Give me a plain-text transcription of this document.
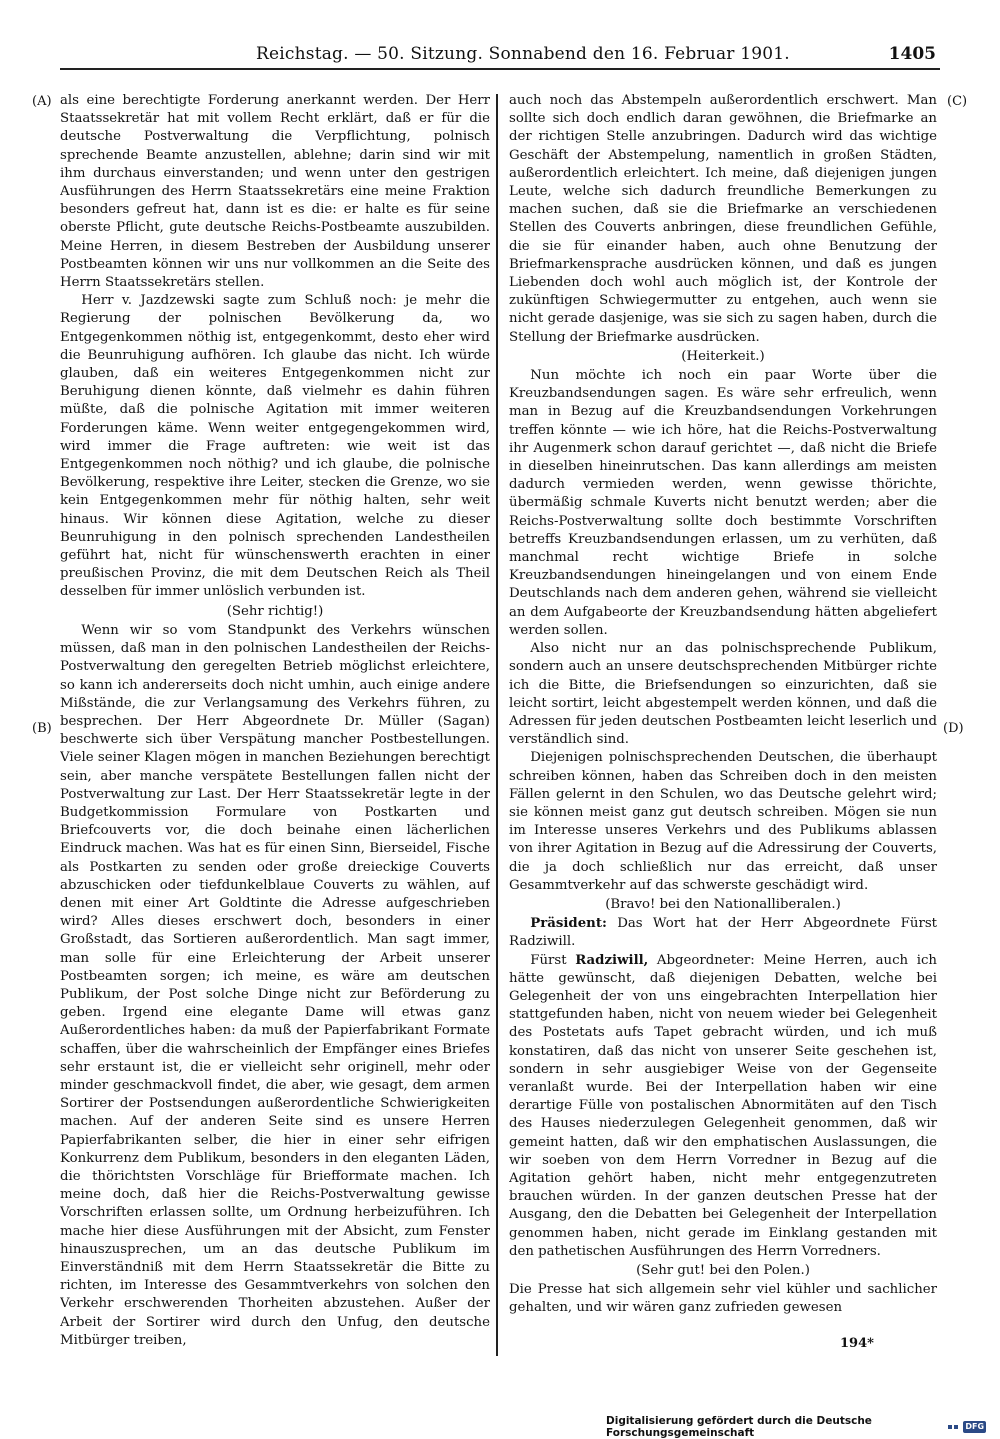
Reichstag. — 50. Sitzung. Sonnabend den 16. Februar 1901.	1405
(A)
(B)
(C)
(D)

als eine berechtigte Forderung anerkannt werden. Der Herr Staatssekretär hat mit vollem Recht erklärt, daß er für die deutsche Postverwaltung die Verpflichtung, polnisch sprechende Beamte anzustellen, ablehne; darin sind wir mit ihm durchaus einverstanden; und wenn unter den gestrigen Ausführungen des Herrn Staatssekretärs eine meine Fraktion besonders gefreut hat, dann ist es die: er halte es für seine oberste Pflicht, gute deutsche Reichs-Postbeamte auszubilden. Meine Herren, in diesem Bestreben der Ausbildung unserer Postbeamten können wir uns nur vollkommen an die Seite des Herrn Staatssekretärs stellen.

Herr v. Jazdzewski sagte zum Schluß noch: je mehr die Regierung der polnischen Bevölkerung da, wo Entgegenkommen nöthig ist, entgegenkommt, desto eher wird die Beunruhigung aufhören. Ich glaube das nicht. Ich würde glauben, daß ein weiteres Entgegenkommen nicht zur Beruhigung dienen könnte, daß vielmehr es dahin führen müßte, daß die polnische Agitation mit immer weiteren Forderungen käme. Wenn weiter entgegengekommen wird, wird immer die Frage auftreten: wie weit ist das Entgegenkommen noch nöthig? und ich glaube, die polnische Bevölkerung, respektive ihre Leiter, stecken die Grenze, wo sie kein Entgegenkommen mehr für nöthig halten, sehr weit hinaus. Wir können diese Agitation, welche zu dieser Beunruhigung in den polnisch sprechenden Landestheilen geführt hat, nicht für wünschenswerth erachten in einer preußischen Provinz, die mit dem Deutschen Reich als Theil desselben für immer unlöslich verbunden ist.

(Sehr richtig!)

Wenn wir so vom Standpunkt des Verkehrs wünschen müssen, daß man in den polnischen Landestheilen der Reichs-Postverwaltung den geregelten Betrieb möglichst erleichtere, so kann ich andererseits doch nicht umhin, auch einige andere Mißstände, die zur Verlangsamung des Verkehrs führen, zu besprechen. Der Herr Abgeordnete Dr. Müller (Sagan) beschwerte sich über Verspätung mancher Postbestellungen. Viele seiner Klagen mögen in manchen Beziehungen berechtigt sein, aber manche verspätete Bestellungen fallen nicht der Postverwaltung zur Last. Der Herr Staatssekretär legte in der Budgetkommission Formulare von Postkarten und Briefcouverts vor, die doch beinahe einen lächerlichen Eindruck machen. Was hat es für einen Sinn, Bierseidel, Fische als Postkarten zu senden oder große dreieckige Couverts abzuschicken oder tiefdunkelblaue Couverts zu wählen, auf denen mit einer Art Goldtinte die Adresse aufgeschrieben wird? Alles dieses erschwert doch, besonders in einer Großstadt, das Sortieren außerordentlich. Man sagt immer, man solle für eine Erleichterung der Arbeit unserer Postbeamten sorgen; ich meine, es wäre am deutschen Publikum, der Post solche Dinge nicht zur Beförderung zu geben. Irgend eine elegante Dame will etwas ganz Außerordentliches haben: da muß der Papierfabrikant Formate schaffen, über die wahrscheinlich der Empfänger eines Briefes sehr erstaunt ist, die er vielleicht sehr originell, mehr oder minder geschmackvoll findet, die aber, wie gesagt, dem armen Sortirer der Postsendungen außerordentliche Schwierigkeiten machen. Auf der anderen Seite sind es unsere Herren Papierfabrikanten selber, die hier in einer sehr eifrigen Konkurrenz dem Publikum, besonders in den eleganten Läden, die thörichtsten Vorschläge für Briefformate machen. Ich meine doch, daß hier die Reichs-Postverwaltung gewisse Vorschriften erlassen sollte, um Ordnung herbeizuführen. Ich mache hier diese Ausführungen mit der Absicht, zum Fenster hinauszusprechen, um an das deutsche Publikum im Einverständniß mit dem Herrn Staatssekretär die Bitte zu richten, im Interesse des Gesammtverkehrs von solchen den Verkehr erschwerenden Thorheiten abzustehen. Außer der Arbeit der Sortirer wird durch den Unfug, den deutsche Mitbürger treiben,

auch noch das Abstempeln außerordentlich erschwert. Man sollte sich doch endlich daran gewöhnen, die Briefmarke an der richtigen Stelle anzubringen. Dadurch wird das wichtige Geschäft der Abstempelung, namentlich in großen Städten, außerordentlich erleichtert. Ich meine, daß diejenigen jungen Leute, welche sich dadurch freundliche Bemerkungen zu machen suchen, daß sie die Briefmarke an verschiedenen Stellen des Couverts anbringen, diese freundlichen Gefühle, die sie für einander haben, auch ohne Benutzung der Briefmarkensprache ausdrücken können, und daß es jungen Liebenden doch wohl auch möglich ist, der Kontrole der zukünftigen Schwiegermutter zu entgehen, auch wenn sie nicht gerade dasjenige, was sie sich zu sagen haben, durch die Stellung der Briefmarke ausdrücken.

(Heiterkeit.)

Nun möchte ich noch ein paar Worte über die Kreuzbandsendungen sagen. Es wäre sehr erfreulich, wenn man in Bezug auf die Kreuzbandsendungen Vorkehrungen treffen könnte — wie ich höre, hat die Reichs-Postverwaltung ihr Augenmerk schon darauf gerichtet —, daß nicht die Briefe in dieselben hineinrutschen. Das kann allerdings am meisten dadurch vermieden werden, wenn gewisse thörichte, übermäßig schmale Kuverts nicht benutzt werden; aber die Reichs-Postverwaltung sollte doch bestimmte Vorschriften betreffs Kreuzbandsendungen erlassen, um zu verhüten, daß manchmal recht wichtige Briefe in solche Kreuzbandsendungen hineingelangen und von einem Ende Deutschlands nach dem anderen gehen, während sie vielleicht an dem Aufgabeorte der Kreuzbandsendung hätten abgeliefert werden sollen.

Also nicht nur an das polnischsprechende Publikum, sondern auch an unsere deutschsprechenden Mitbürger richte ich die Bitte, die Briefsendungen so einzurichten, daß sie leicht sortirt, leicht abgestempelt werden können, und daß die Adressen für jeden deutschen Postbeamten leicht leserlich und verständlich sind.

Diejenigen polnischsprechenden Deutschen, die überhaupt schreiben können, haben das Schreiben doch in den meisten Fällen gelernt in den Schulen, wo das Deutsche gelehrt wird; sie können meist ganz gut deutsch schreiben. Mögen sie nun im Interesse unseres Verkehrs und des Publikums ablassen von ihrer Agitation in Bezug auf die Adressirung der Couverts, die ja doch schließlich nur das erreicht, daß unser Gesammtverkehr auf das schwerste geschädigt wird.

(Bravo! bei den Nationalliberalen.)

Präsident: Das Wort hat der Herr Abgeordnete Fürst Radziwill.

Fürst Radziwill, Abgeordneter: Meine Herren, auch ich hätte gewünscht, daß diejenigen Debatten, welche bei Gelegenheit der von uns eingebrachten Interpellation hier stattgefunden haben, nicht von neuem wieder bei Gelegenheit des Postetats aufs Tapet gebracht würden, und ich muß konstatiren, daß das nicht von unserer Seite geschehen ist, sondern in sehr ausgiebiger Weise von der Gegenseite veranlaßt wurde. Bei der Interpellation haben wir eine derartige Fülle von postalischen Abnormitäten auf den Tisch des Hauses niederzulegen Gelegenheit genommen, daß wir gemeint hatten, daß wir den emphatischen Auslassungen, die wir soeben von dem Herrn Vorredner in Bezug auf die Agitation gehört haben, nicht mehr entgegenzutreten brauchen würden. In der ganzen deutschen Presse hat der Ausgang, den die Debatten bei Gelegenheit der Interpellation genommen haben, nicht gerade im Einklang gestanden mit den pathetischen Ausführungen des Herrn Vorredners.

(Sehr gut! bei den Polen.)

Die Presse hat sich allgemein sehr viel kühler und sachlicher gehalten, und wir wären ganz zufrieden gewesen

194*
Digitalisierung gefördert durch die Deutsche Forschungsgemeinschaft	DFG
